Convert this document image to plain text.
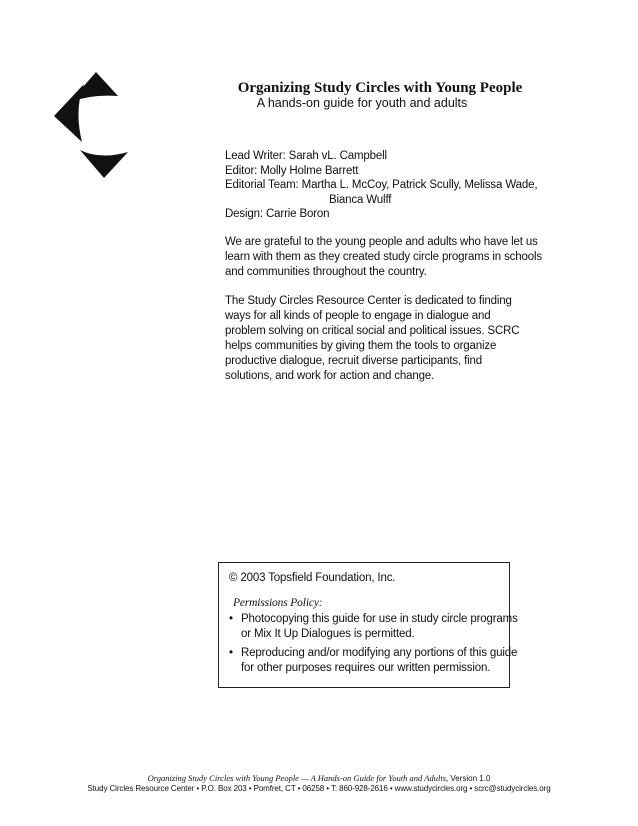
Organizing Study Circles with Young People
A hands-on guide for youth and adults
Lead Writer: Sarah vL. Campbell
Editor: Molly Holme Barrett
Editorial Team: Martha L. McCoy, Patrick Scully, Melissa Wade,
Bianca Wulff
Design: Carrie Boron
We are grateful to the young people and adults who have let us
learn with them as they created study circle programs in schools
and communities throughout the country.
The Study Circles Resource Center is dedicated to finding
ways for all kinds of people to engage in dialogue and
problem solving on critical social and political issues. SCRC
helps communities by giving them the tools to organize
productive dialogue, recruit diverse participants, find
solutions, and work for action and change.
© 2003 Topsfield Foundation, Inc.
Permissions Policy:
• Photocopying this guide for use in study circle programs
or Mix It Up Dialogues is permitted.
• Reproducing and/or modifying any portions of this guide
for other purposes requires our written permission.
Organizing Study Circles with Young People — A Hands-on Guide for Youth and Adults, Version 1.0
Study Circles Resource Center • P.O. Box 203 • Pomfret, CT • 06258 • T: 860-928-2616 • www.studycircles.org • scrc@studycircles.org
